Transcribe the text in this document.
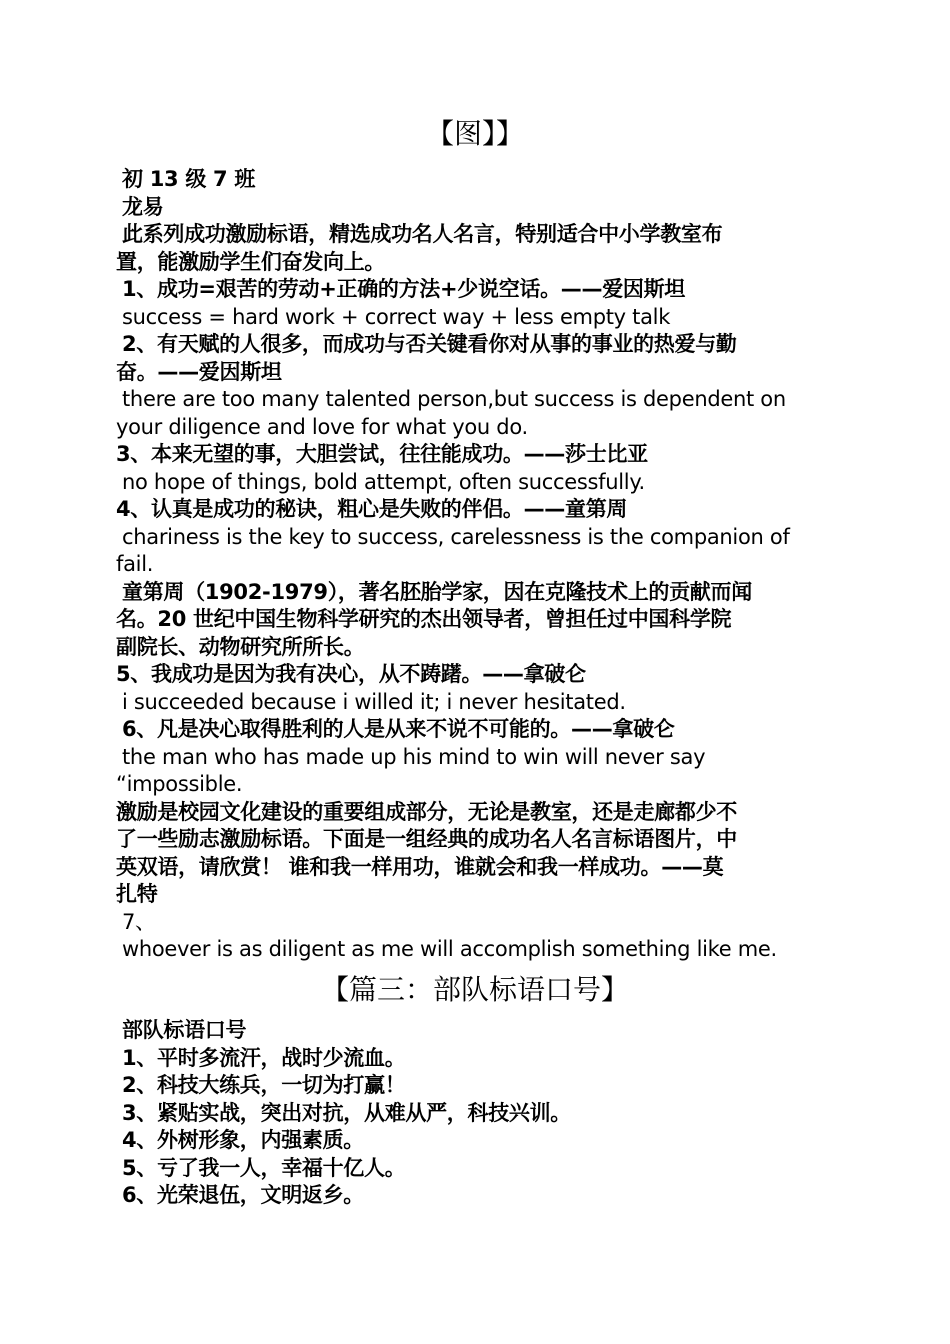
【图】】
初 13 级 7 班
龙易
此系列成功激励标语，精选成功名人名言，特别适合中小学教室布
置，能激励学生们奋发向上。
1、成功=艰苦的劳动+正确的方法+少说空话。——爱因斯坦
success = hard work + correct way + less empty talk
2、有天赋的人很多，而成功与否关键看你对从事的事业的热爱与勤
奋。——爱因斯坦
there are too many talented person,but success is dependent on
your diligence and love for what you do.
3、本来无望的事，大胆尝试，往往能成功。——莎士比亚
no hope of things, bold attempt, often successfully.
4、认真是成功的秘诀，粗心是失败的伴侣。——童第周
chariness is the key to success, carelessness is the companion of
fail.
童第周（1902-1979），著名胚胎学家，因在克隆技术上的贡献而闻
名。20 世纪中国生物科学研究的杰出领导者，曾担任过中国科学院
副院长、动物研究所所长。
5、我成功是因为我有决心，从不踌躇。——拿破仑
i succeeded because i willed it; i never hesitated.
6、凡是决心取得胜利的人是从来不说不可能的。——拿破仑
the man who has made up his mind to win will never say
“impossible.
激励是校园文化建设的重要组成部分，无论是教室，还是走廊都少不
了一些励志激励标语。下面是一组经典的成功名人名言标语图片，中
英双语，请欣赏！ 谁和我一样用功，谁就会和我一样成功。——莫
扎特
7、
whoever is as diligent as me will accomplish something like me.
【篇三：部队标语口号】
部队标语口号
1、平时多流汗，战时少流血。
2、科技大练兵，一切为打赢！
3、紧贴实战，突出对抗，从难从严，科技兴训。
4、外树形象，内强素质。
5、亏了我一人，幸福十亿人。
6、光荣退伍，文明返乡。
